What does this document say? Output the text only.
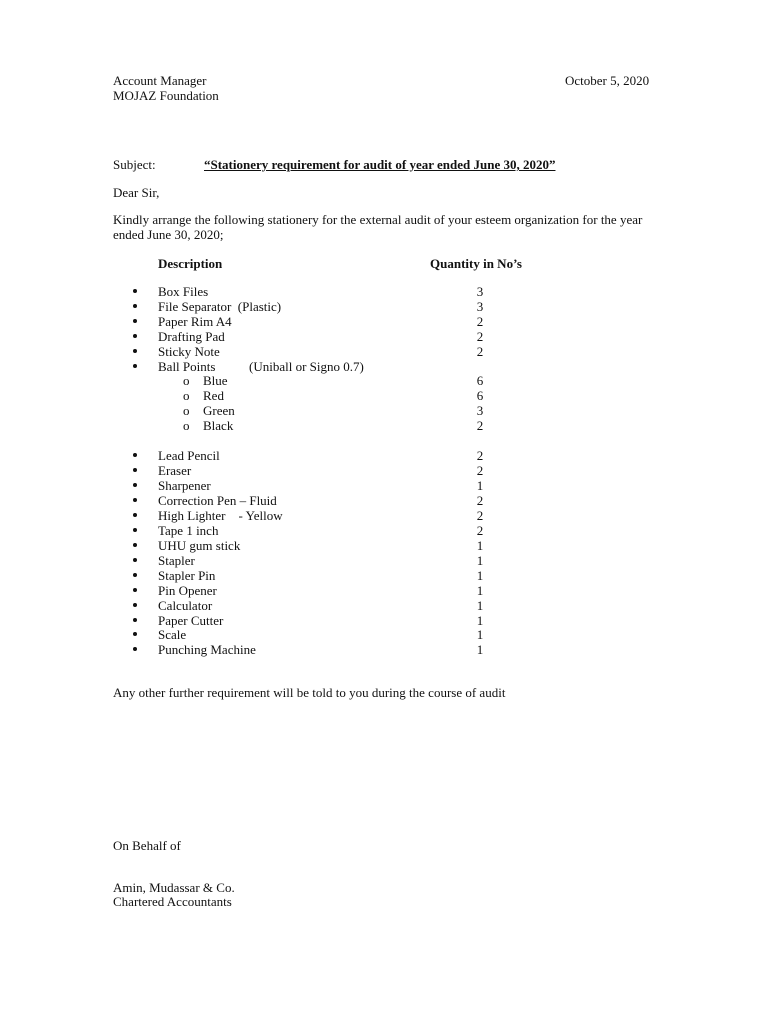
Account Manager
MOJAZ Foundation
October 5, 2020
Subject:	“Stationery requirement for audit of year ended June 30, 2020”
Dear Sir,
Kindly arrange the following stationery for the external audit of your esteem organization for the year ended June 30, 2020;
Description	Quantity in No’s
Box Files	3
File Separator  (Plastic)	3
Paper Rim A4	2
Drafting Pad	2
Sticky Note	2
Ball Points	(Uniball or Signo 0.7)
o Blue	6
o Red	6
o Green	3
o Black	2
Lead Pencil	2
Eraser	2
Sharpener	1
Correction Pen – Fluid	2
High Lighter    - Yellow	2
Tape 1 inch	2
UHU gum stick	1
Stapler	1
Stapler Pin	1
Pin Opener	1
Calculator	1
Paper Cutter	1
Scale	1
Punching Machine	1
Any other further requirement will be told to you during the course of audit
On Behalf of
Amin, Mudassar & Co.
Chartered Accountants
